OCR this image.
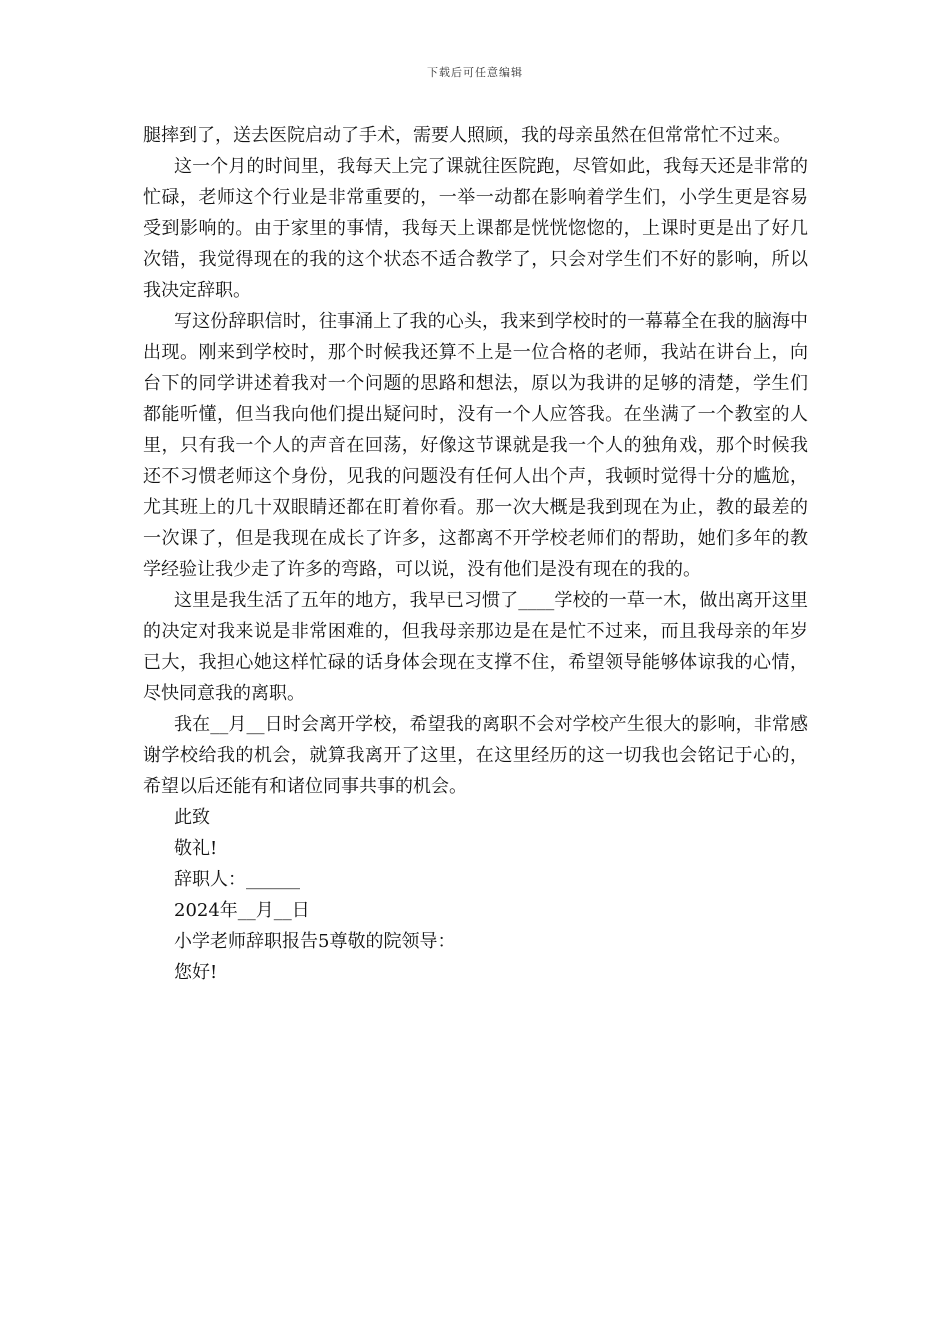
下载后可任意编辑

腿摔到了，送去医院启动了手术，需要人照顾，我的母亲虽然在但常常忙不过来。

这一个月的时间里，我每天上完了课就往医院跑，尽管如此，我每天还是非常的忙碌，老师这个行业是非常重要的，一举一动都在影响着学生们，小学生更是容易受到影响的。由于家里的事情，我每天上课都是恍恍惚惚的，上课时更是出了好几次错，我觉得现在的我的这个状态不适合教学了，只会对学生们不好的影响，所以我决定辞职。

写这份辞职信时，往事涌上了我的心头，我来到学校时的一幕幕全在我的脑海中出现。刚来到学校时，那个时候我还算不上是一位合格的老师，我站在讲台上，向台下的同学讲述着我对一个问题的思路和想法，原以为我讲的足够的清楚，学生们都能听懂，但当我向他们提出疑问时，没有一个人应答我。在坐满了一个教室的人里，只有我一个人的声音在回荡，好像这节课就是我一个人的独角戏，那个时候我还不习惯老师这个身份，见我的问题没有任何人出个声，我顿时觉得十分的尴尬，尤其班上的几十双眼睛还都在盯着你看。那一次大概是我到现在为止，教的最差的一次课了，但是我现在成长了许多，这都离不开学校老师们的帮助，她们多年的教学经验让我少走了许多的弯路，可以说，没有他们是没有现在的我的。

这里是我生活了五年的地方，我早已习惯了____学校的一草一木，做出离开这里的决定对我来说是非常困难的，但我母亲那边是在是忙不过来，而且我母亲的年岁已大，我担心她这样忙碌的话身体会现在支撑不住，希望领导能够体谅我的心情，尽快同意我的离职。

我在__月__日时会离开学校，希望我的离职不会对学校产生很大的影响，非常感谢学校给我的机会，就算我离开了这里，在这里经历的这一切我也会铭记于心的，希望以后还能有和诸位同事共事的机会。

此致

敬礼!

辞职人：______

2024年__月__日

小学老师辞职报告5尊敬的院领导：

您好!
